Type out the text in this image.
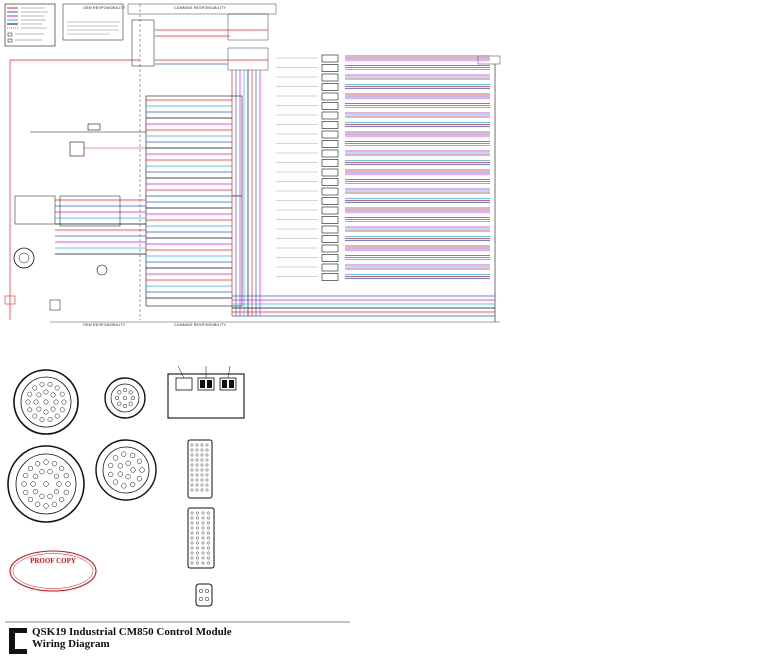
PROOF COPY
QSK19 Industrial CM850 Control Module
Wiring Diagram
OEM RESPONSIBILITY	CUMMINS RESPONSIBILITY
OEM RESPONSIBILITY	CUMMINS RESPONSIBILITY
